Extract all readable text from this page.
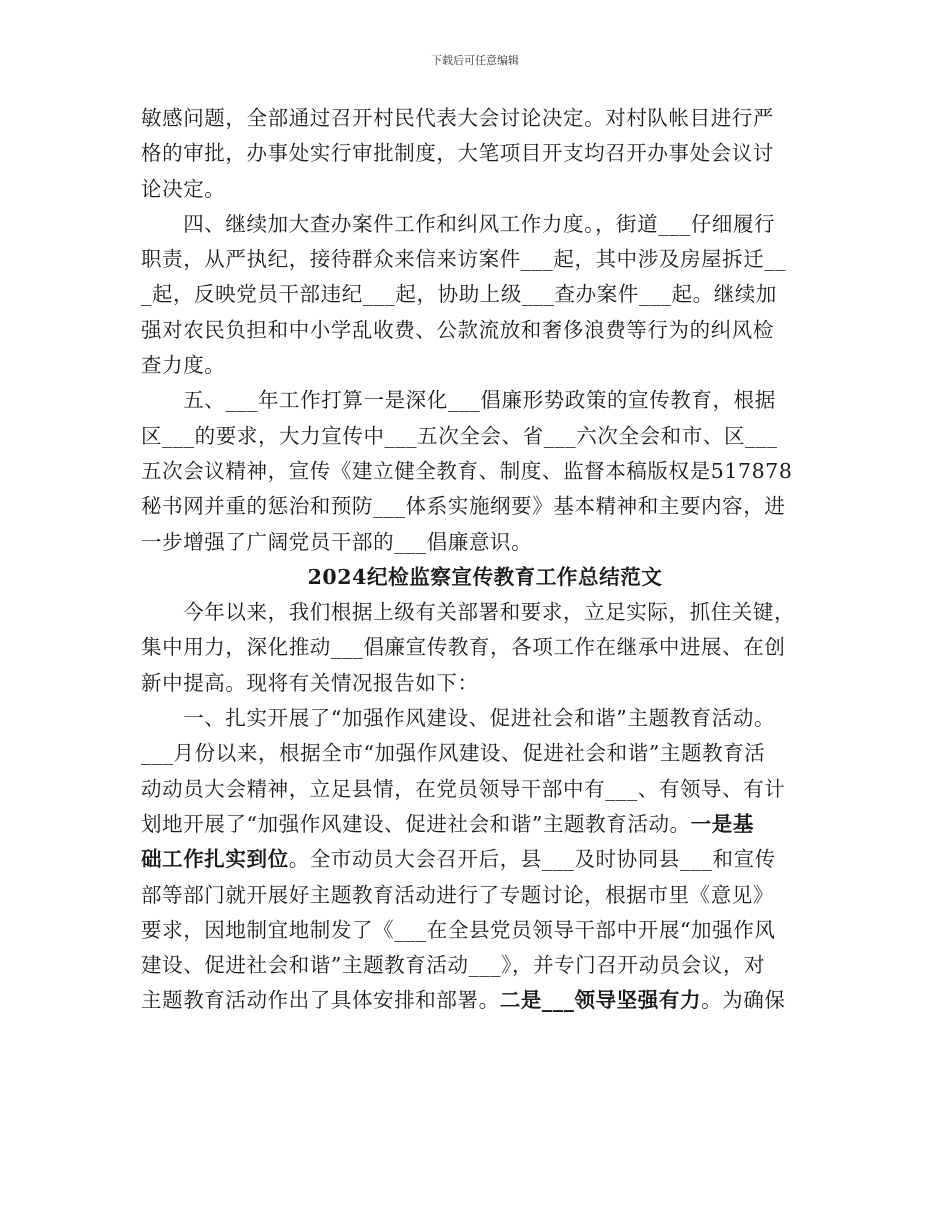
下载后可任意编辑
敏感问题，全部通过召开村民代表大会讨论决定。对村队帐目进行严
格的审批，办事处实行审批制度，大笔项目开支均召开办事处会议讨
论决定。
　　四、继续加大查办案件工作和纠风工作力度。，街道___仔细履行
职责，从严执纪，接待群众来信来访案件___起，其中涉及房屋拆迁__
_起，反映党员干部违纪___起，协助上级___查办案件___起。继续加
强对农民负担和中小学乱收费、公款流放和奢侈浪费等行为的纠风检
查力度。
　　五、___年工作打算一是深化___倡廉形势政策的宣传教育，根据
区___的要求，大力宣传中___五次全会、省___六次全会和市、区___
五次会议精神，宣传《建立健全教育、制度、监督本稿版权是517878
秘书网并重的惩治和预防___体系实施纲要》基本精神和主要内容，进
一步增强了广阔党员干部的___倡廉意识。
2024纪检监察宣传教育工作总结范文
　　今年以来，我们根据上级有关部署和要求，立足实际，抓住关键，
集中用力，深化推动___倡廉宣传教育，各项工作在继承中进展、在创
新中提高。现将有关情况报告如下：
　　一、扎实开展了“加强作风建设、促进社会和谐”主题教育活动。
___月份以来，根据全市“加强作风建设、促进社会和谐”主题教育活
动动员大会精神，立足县情，在党员领导干部中有___、有领导、有计
划地开展了“加强作风建设、促进社会和谐”主题教育活动。一是基
础工作扎实到位。全市动员大会召开后，县___及时协同县___和宣传
部等部门就开展好主题教育活动进行了专题讨论，根据市里《意见》
要求，因地制宜地制发了《___在全县党员领导干部中开展“加强作风
建设、促进社会和谐”主题教育活动___》，并专门召开动员会议，对
主题教育活动作出了具体安排和部署。二是___领导坚强有力。为确保
